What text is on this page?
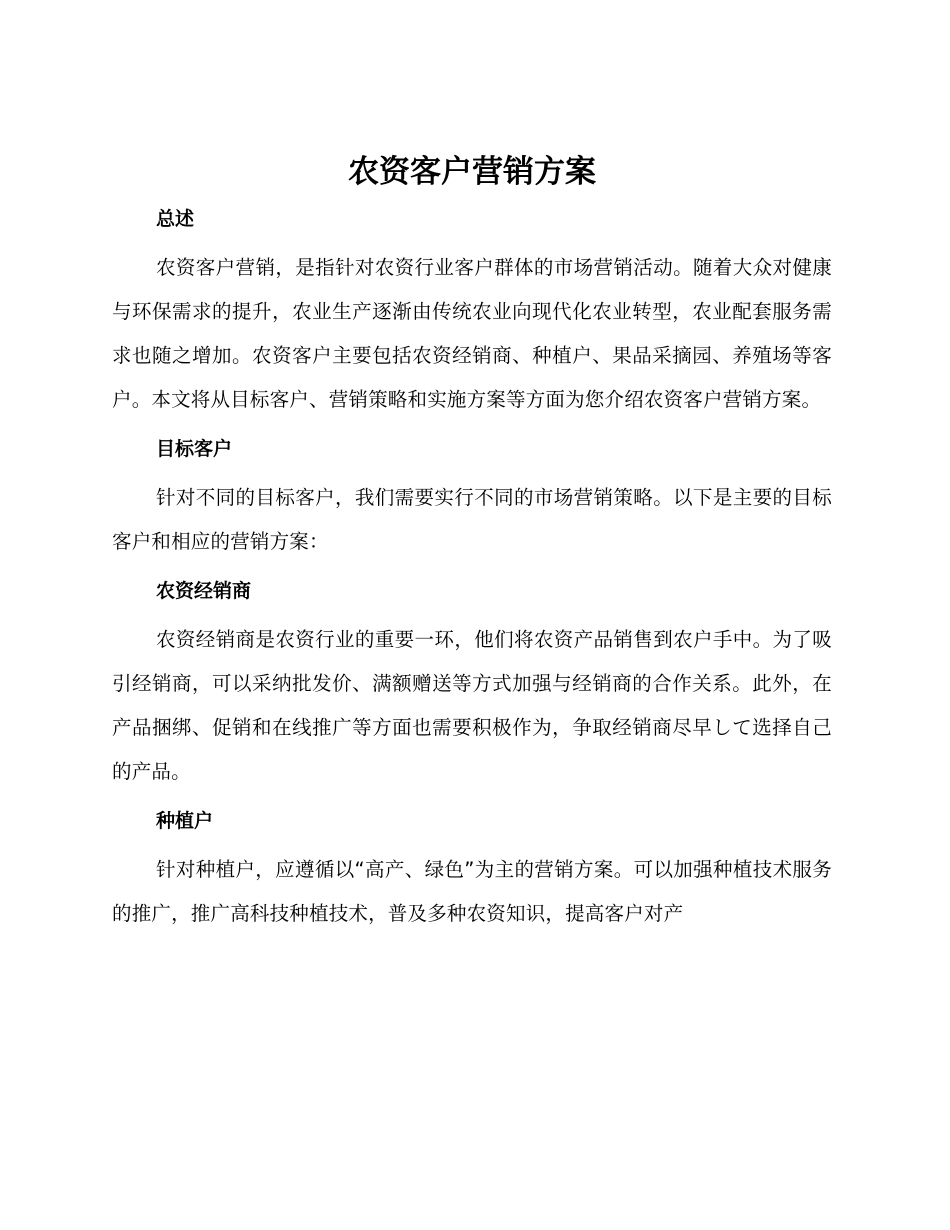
农资客户营销方案
总述

农资客户营销，是指针对农资行业客户群体的市场营销活动。随着大众对健康与环保需求的提升，农业生产逐渐由传统农业向现代化农业转型，农业配套服务需求也随之增加。农资客户主要包括农资经销商、种植户、果品采摘园、养殖场等客户。本文将从目标客户、营销策略和实施方案等方面为您介绍农资客户营销方案。

目标客户

针对不同的目标客户，我们需要实行不同的市场营销策略。以下是主要的目标客户和相应的营销方案：

农资经销商

农资经销商是农资行业的重要一环，他们将农资产品销售到农户手中。为了吸引经销商，可以采纳批发价、满额赠送等方式加强与经销商的合作关系。此外，在产品捆绑、促销和在线推广等方面也需要积极作为，争取经销商尽早して选择自己的产品。

种植户

针对种植户，应遵循以“高产、绿色”为主的营销方案。可以加强种植技术服务的推广，推广高科技种植技术，普及多种农资知识，提高客户对产
